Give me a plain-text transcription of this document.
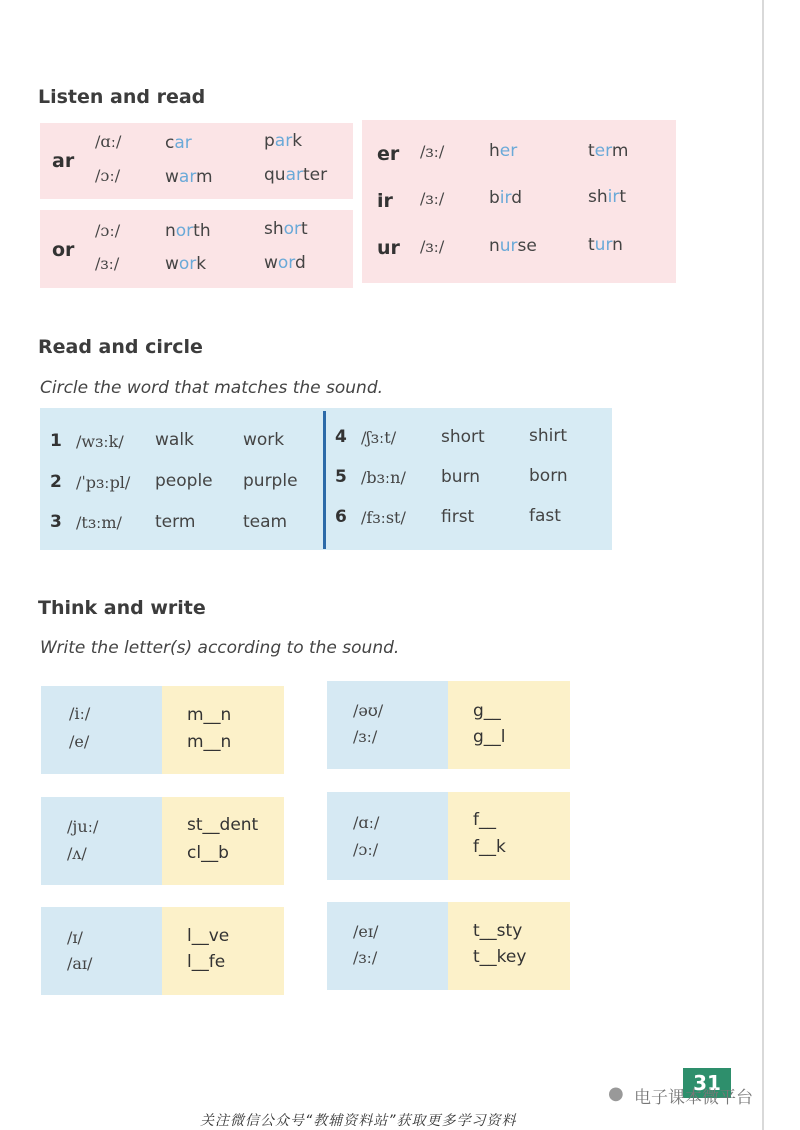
Listen and read
ar
/ɑː/	car	park
/ɔː/	warm	quarter
or
/ɔː/	north	short
/ɜː/	work	word
er /ɜː/	her	term
ir /ɜː/	bird	shirt
ur /ɜː/	nurse	turn
Read and circle
Circle the word that matches the sound.
1 /wɜːk/ walk	work
2 /ˈpɜːpl/ people purple
3 /tɜːm/ term	team
4 /ʃɜːt/	short	shirt
5 /bɜːn/ burn	born
6 /fɜːst/ first	fast
Think and write
Write the letter(s) according to the sound.
/iː/
/e/
m__n
m__n
/əʊ/
/ɜː/
g__
g__l
/juː/
/ʌ/
st__dent
cl__b
/ɑː/
/ɔː/
f__
f__k
/ɪ/
/aɪ/
l__ve
l__fe
/eɪ/
/ɜː/
t__sty
t__key
31
● 电子课本微平台
关注微信公众号“教辅资料站”获取更多学习资料
